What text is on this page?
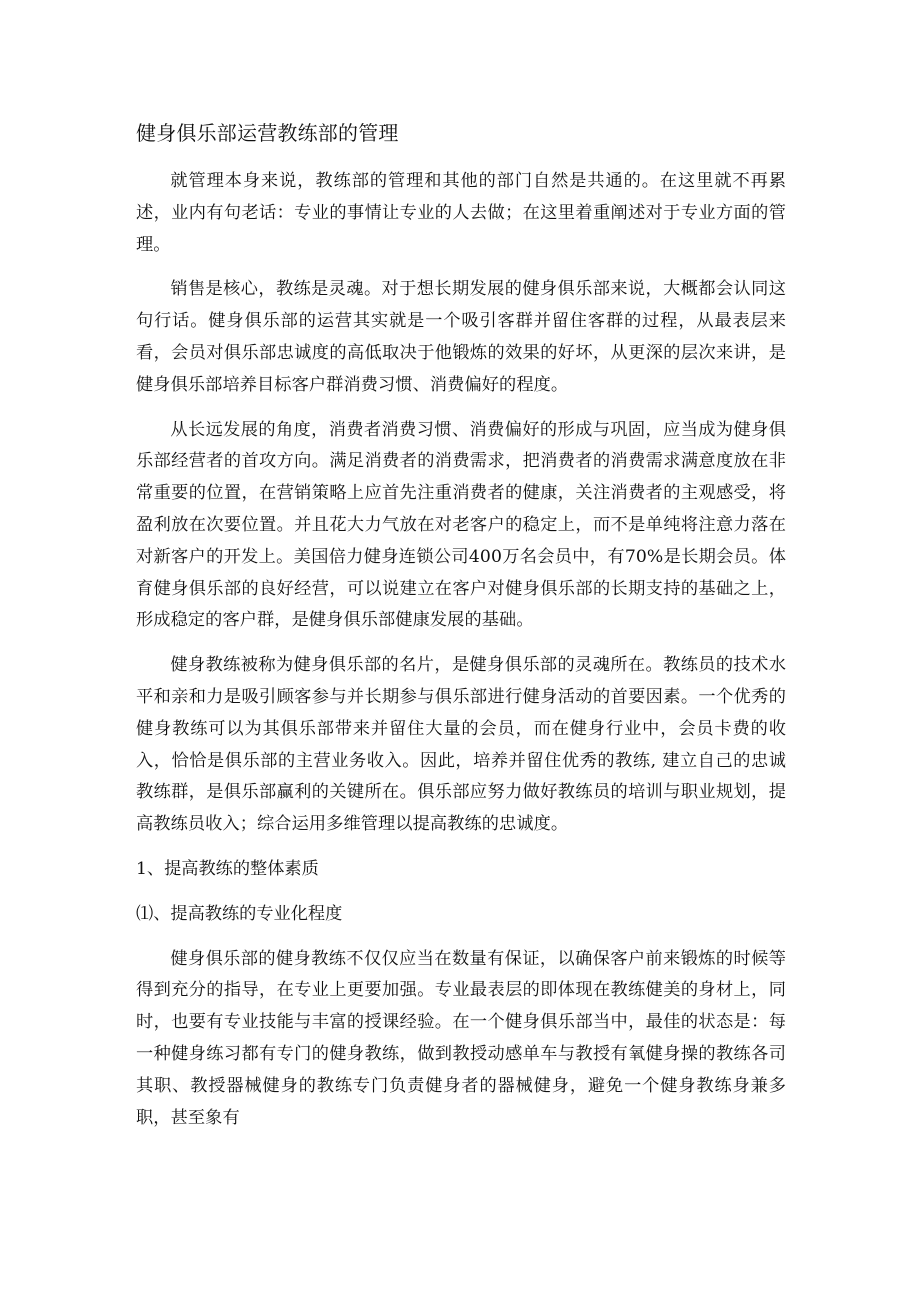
健身俱乐部运营教练部的管理

就管理本身来说，教练部的管理和其他的部门自然是共通的。在这里就不再累述，业内有句老话：专业的事情让专业的人去做；在这里着重阐述对于专业方面的管理。

销售是核心，教练是灵魂。对于想长期发展的健身俱乐部来说，大概都会认同这句行话。健身俱乐部的运营其实就是一个吸引客群并留住客群的过程，从最表层来看，会员对俱乐部忠诚度的高低取决于他锻炼的效果的好坏，从更深的层次来讲，是健身俱乐部培养目标客户群消费习惯、消费偏好的程度。

从长远发展的角度，消费者消费习惯、消费偏好的形成与巩固，应当成为健身俱乐部经营者的首攻方向。满足消费者的消费需求，把消费者的消费需求满意度放在非常重要的位置，在营销策略上应首先注重消费者的健康，关注消费者的主观感受，将盈利放在次要位置。并且花大力气放在对老客户的稳定上，而不是单纯将注意力落在对新客户的开发上。美国倍力健身连锁公司400万名会员中，有70%是长期会员。体育健身俱乐部的良好经营，可以说建立在客户对健身俱乐部的长期支持的基础之上，形成稳定的客户群，是健身俱乐部健康发展的基础。

健身教练被称为健身俱乐部的名片，是健身俱乐部的灵魂所在。教练员的技术水平和亲和力是吸引顾客参与并长期参与俱乐部进行健身活动的首要因素。一个优秀的健身教练可以为其俱乐部带来并留住大量的会员，而在健身行业中，会员卡费的收入，恰恰是俱乐部的主营业务收入。因此，培养并留住优秀的教练, 建立自己的忠诚教练群，是俱乐部赢利的关键所在。俱乐部应努力做好教练员的培训与职业规划，提高教练员收入；综合运用多维管理以提高教练的忠诚度。

1、提高教练的整体素质

⑴、提高教练的专业化程度

健身俱乐部的健身教练不仅仅应当在数量有保证，以确保客户前来锻炼的时候等得到充分的指导，在专业上更要加强。专业最表层的即体现在教练健美的身材上，同时，也要有专业技能与丰富的授课经验。在一个健身俱乐部当中，最佳的状态是：每一种健身练习都有专门的健身教练，做到教授动感单车与教授有氧健身操的教练各司其职、教授器械健身的教练专门负责健身者的器械健身，避免一个健身教练身兼多职，甚至象有
